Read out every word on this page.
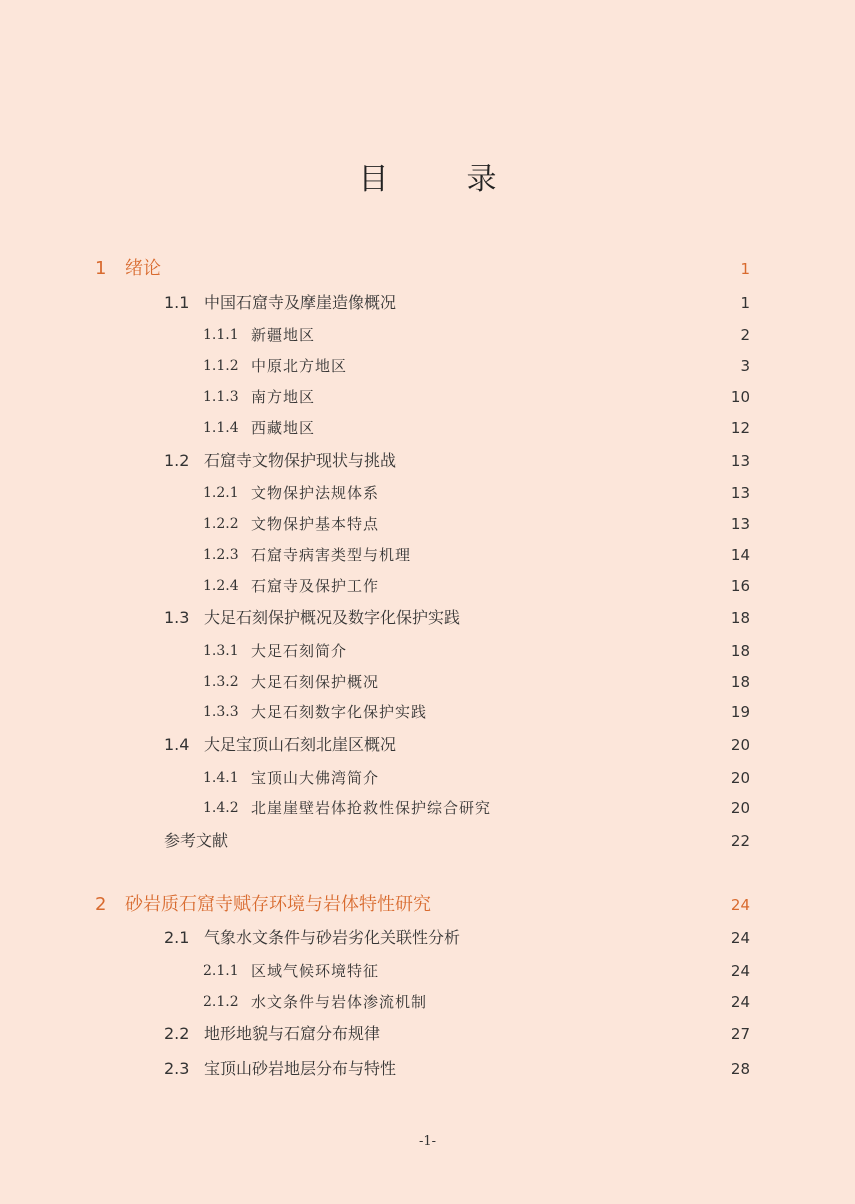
目　录
1 绪论	1
1.1 中国石窟寺及摩崖造像概况	1
1.1.1 新疆地区	2
1.1.2 中原北方地区	3
1.1.3 南方地区	10
1.1.4 西藏地区	12
1.2 石窟寺文物保护现状与挑战	13
1.2.1 文物保护法规体系	13
1.2.2 文物保护基本特点	13
1.2.3 石窟寺病害类型与机理	14
1.2.4 石窟寺及保护工作	16
1.3 大足石刻保护概况及数字化保护实践	18
1.3.1 大足石刻简介	18
1.3.2 大足石刻保护概况	18
1.3.3 大足石刻数字化保护实践	19
1.4 大足宝顶山石刻北崖区概况	20
1.4.1 宝顶山大佛湾简介	20
1.4.2 北崖崖壁岩体抢救性保护综合研究	20
参考文献	22
2 砂岩质石窟寺赋存环境与岩体特性研究	24
2.1 气象水文条件与砂岩劣化关联性分析	24
2.1.1 区域气候环境特征	24
2.1.2 水文条件与岩体渗流机制	24
2.2 地形地貌与石窟分布规律	27
2.3 宝顶山砂岩地层分布与特性	28
-1-
